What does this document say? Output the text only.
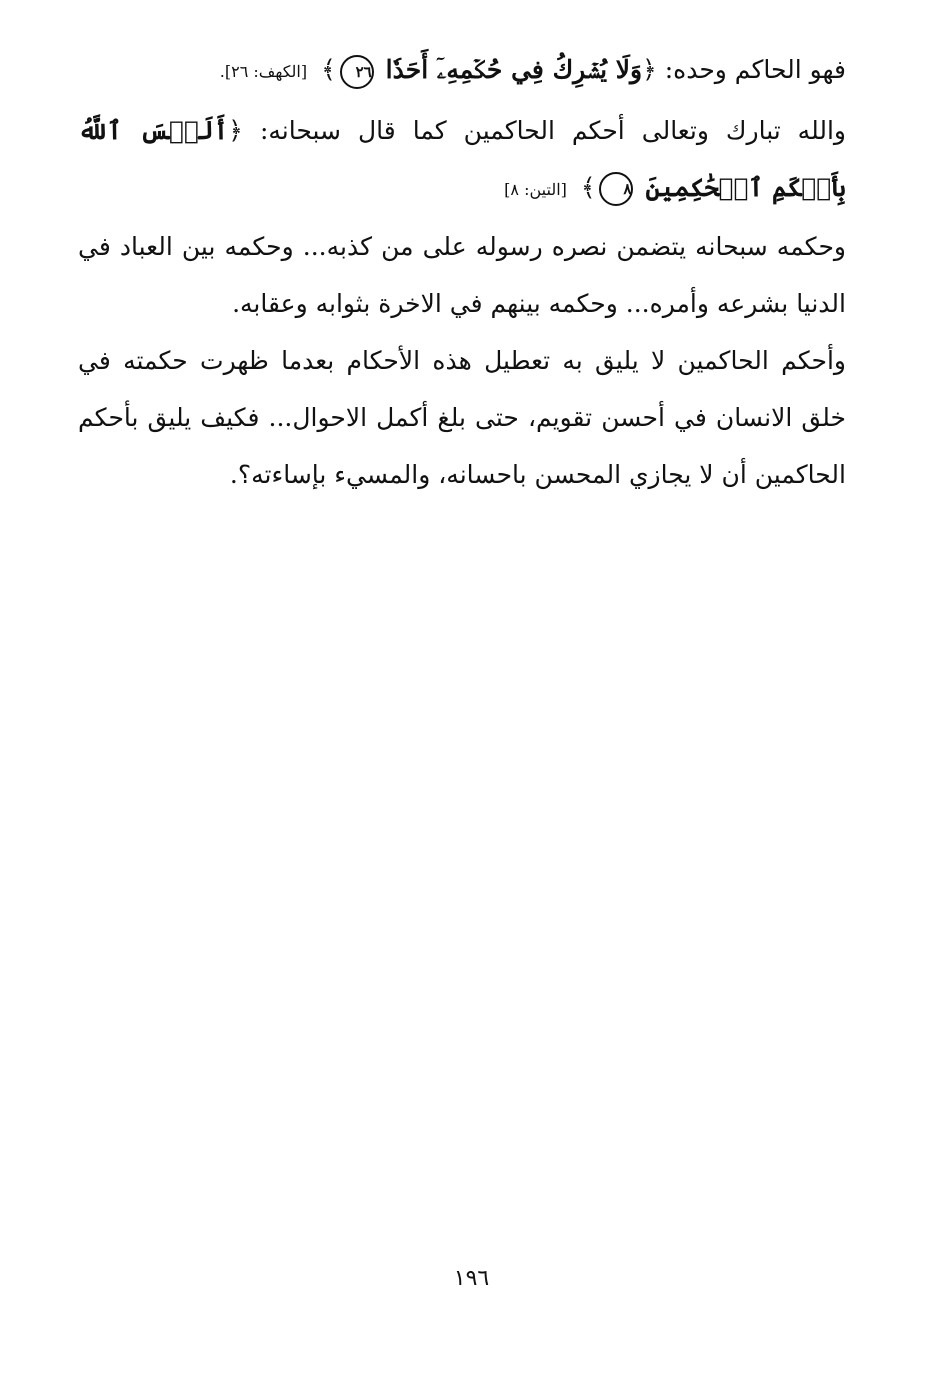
فهو الحاكم وحده: ﴿وَلَا يُشۡرِكُ فِي حُكۡمِهِۦٓ أَحَدٗا ٢٦﴾ [الكهف: ٢٦].

والله تبارك وتعالى أحكم الحاكمين كما قال سبحانه: ﴿أَلَيۡسَ ٱللَّهُ بِأَحۡكَمِ ٱلۡحَٰكِمِينَ ٨﴾ [التين: ٨]

وحكمه سبحانه يتضمن نصره رسوله على من كذبه... وحكمه بين العباد في الدنيا بشرعه وأمره... وحكمه بينهم في الاخرة بثوابه وعقابه.

وأحكم الحاكمين لا يليق به تعطيل هذه الأحكام بعدما ظهرت حكمته في خلق الانسان في أحسن تقويم، حتى بلغ أكمل الاحوال... فكيف يليق بأحكم الحاكمين أن لا يجازي المحسن باحسانه، والمسيء بإساءته؟.

١٩٦
